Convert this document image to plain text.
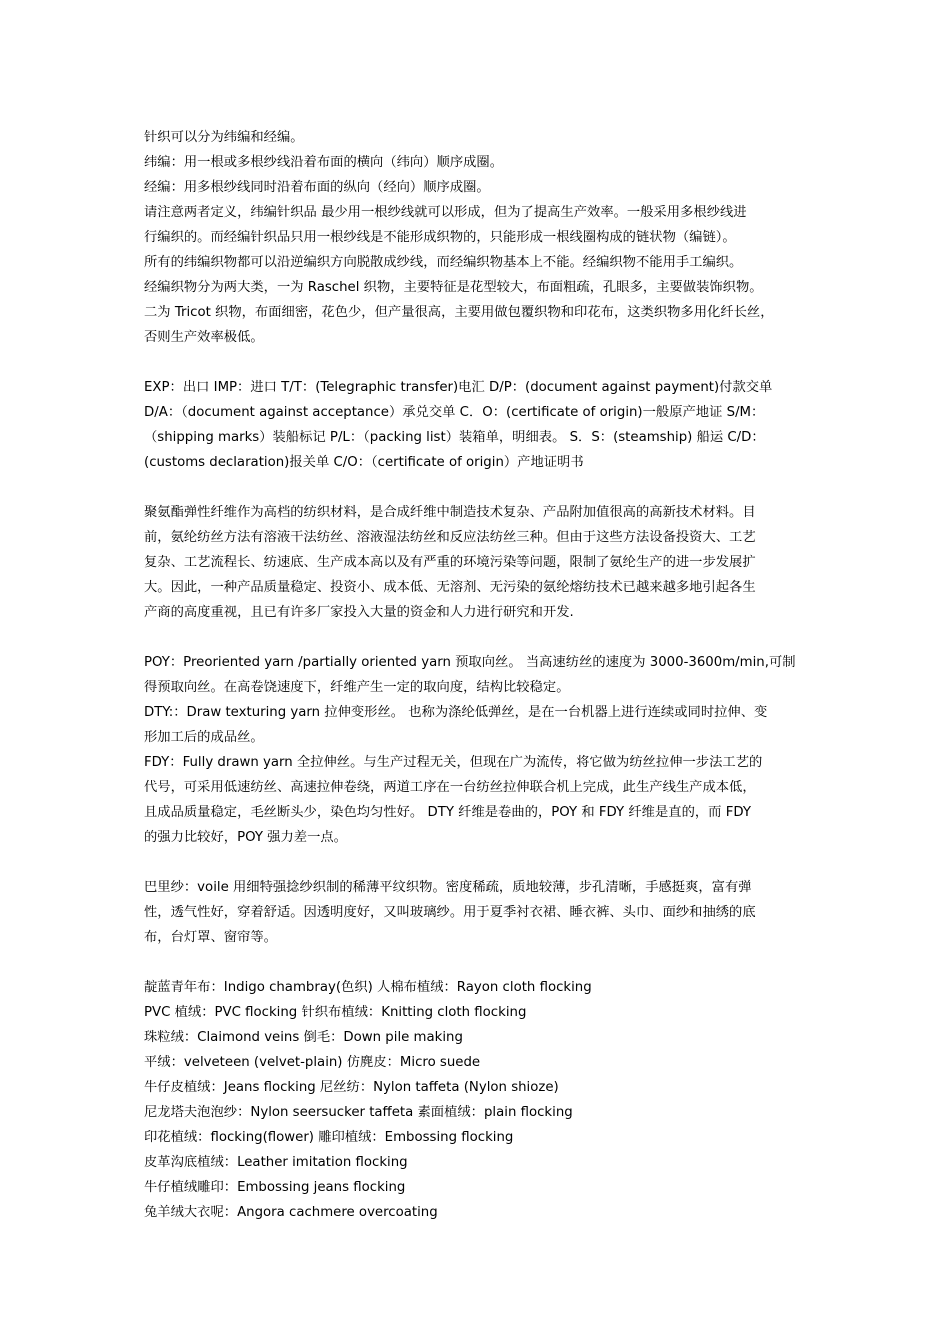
针织可以分为纬编和经编。
纬编：用一根或多根纱线沿着布面的横向（纬向）顺序成圈。
经编：用多根纱线同时沿着布面的纵向（经向）顺序成圈。
请注意两者定义，纬编针织品 最少用一根纱线就可以形成，但为了提高生产效率。一般采用多根纱线进
行编织的。而经编针织品只用一根纱线是不能形成织物的，只能形成一根线圈构成的链状物（编链）。
所有的纬编织物都可以沿逆编织方向脱散成纱线，而经编织物基本上不能。经编织物不能用手工编织。
经编织物分为两大类，一为 Raschel 织物，主要特征是花型较大，布面粗疏，孔眼多，主要做装饰织物。
二为 Tricot 织物，布面细密，花色少，但产量很高，主要用做包覆织物和印花布，这类织物多用化纤长丝，
否则生产效率极低。
EXP：出口 IMP：进口 T/T：(Telegraphic transfer)电汇 D/P：(document against payment)付款交单
D/A：（document against acceptance）承兑交单 C．O：(certificate of origin)一般原产地证 S/M：
（shipping marks）装船标记 P/L：（packing list）装箱单，明细表。 S．S：(steamship) 船运 C/D：
(customs declaration)报关单 C/O：（certificate of origin）产地证明书
聚氨酯弹性纤维作为高档的纺织材料，是合成纤维中制造技术复杂、产品附加值很高的高新技术材料。目
前，氨纶纺丝方法有溶液干法纺丝、溶液湿法纺丝和反应法纺丝三种。但由于这些方法设备投资大、工艺
复杂、工艺流程长、纺速底、生产成本高以及有严重的环境污染等问题，限制了氨纶生产的进一步发展扩
大。因此，一种产品质量稳定、投资小、成本低、无溶剂、无污染的氨纶熔纺技术已越来越多地引起各生
产商的高度重视，且已有许多厂家投入大量的资金和人力进行研究和开发.
POY：Preoriented yarn /partially oriented yarn 预取向丝。 当高速纺丝的速度为 3000-3600m/min,可制
得预取向丝。在高卷饶速度下，纤维产生一定的取向度，结构比较稳定。
DTY:：Draw texturing yarn 拉伸变形丝。 也称为涤纶低弹丝，是在一台机器上进行连续或同时拉伸、变
形加工后的成品丝。
FDY：Fully drawn yarn 全拉伸丝。与生产过程无关，但现在广为流传，将它做为纺丝拉伸一步法工艺的
代号，可采用低速纺丝、高速拉伸卷绕，两道工序在一台纺丝拉伸联合机上完成，此生产线生产成本低，
且成品质量稳定，毛丝断头少，染色均匀性好。 DTY 纤维是卷曲的，POY 和 FDY 纤维是直的，而 FDY
的强力比较好，POY 强力差一点。
巴里纱：voile 用细特强捻纱织制的稀薄平纹织物。密度稀疏，质地较薄，步孔清晰，手感挺爽，富有弹
性，透气性好，穿着舒适。因透明度好，又叫玻璃纱。用于夏季衬衣裙、睡衣裤、头巾、面纱和抽绣的底
布，台灯罩、窗帘等。
靛蓝青年布：Indigo chambray(色织) 人棉布植绒：Rayon cloth flocking
PVC 植绒：PVC flocking 针织布植绒：Knitting cloth flocking
珠粒绒：Claimond veins 倒毛：Down pile making
平绒：velveteen (velvet-plain) 仿麂皮：Micro suede
牛仔皮植绒：Jeans flocking 尼丝纺：Nylon taffeta (Nylon shioze)
尼龙塔夫泡泡纱：Nylon seersucker taffeta 素面植绒：plain flocking
印花植绒：flocking(flower) 雕印植绒：Embossing flocking
皮革沟底植绒：Leather imitation flocking
牛仔植绒雕印：Embossing jeans flocking
兔羊绒大衣呢：Angora cachmere overcoating
